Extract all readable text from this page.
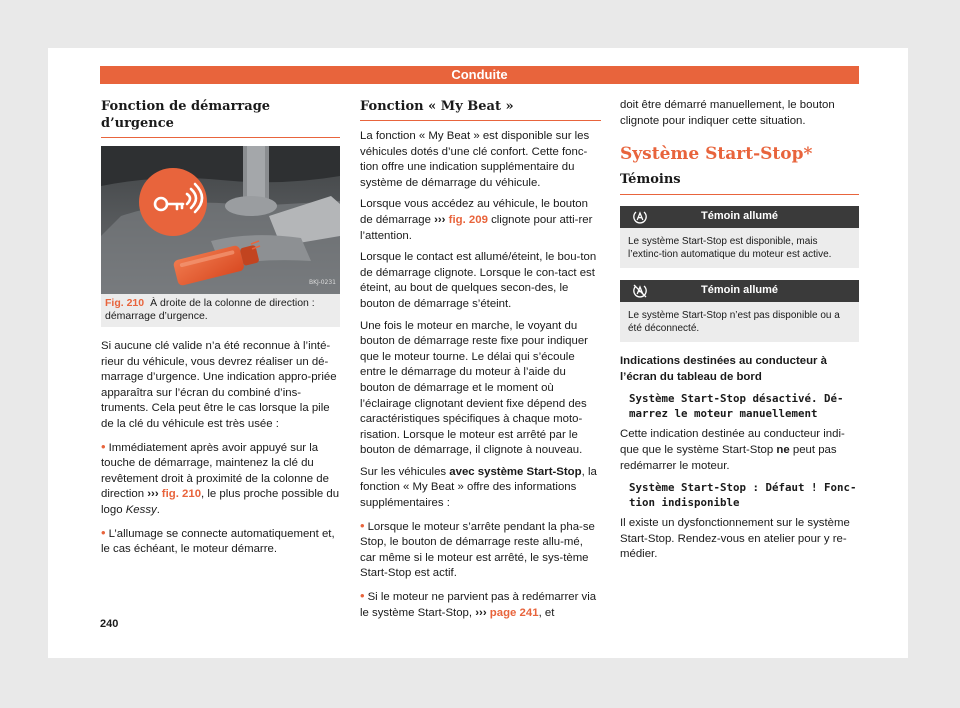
Conduite
Fonction de démarrage d’urgence
BKJ-0231
Fig. 210 À droite de la colonne de direction : démarrage d’urgence.

Si aucune clé valide n’a été reconnue à l’inté-rieur du véhicule, vous devrez réaliser un dé-marrage d’urgence. Une indication appro-priée apparaîtra sur l’écran du combiné d’ins-truments. Cela peut être le cas lorsque la pile de la clé du véhicule est très usée :

• Immédiatement après avoir appuyé sur la touche de démarrage, maintenez la clé du revêtement droit à proximité de la colonne de direction ››› fig. 210, le plus proche possible du logo Kessy.

• L’allumage se connecte automatiquement et, le cas échéant, le moteur démarre.

Fonction « My Beat »

La fonction « My Beat » est disponible sur les véhicules dotés d’une clé confort. Cette fonc-tion offre une indication supplémentaire du système de démarrage du véhicule.

Lorsque vous accédez au véhicule, le bouton de démarrage ››› fig. 209 clignote pour atti-rer l’attention.

Lorsque le contact est allumé/éteint, le bou-ton de démarrage clignote. Lorsque le con-tact est éteint, au bout de quelques secon-des, le bouton de démarrage s’éteint.

Une fois le moteur en marche, le voyant du bouton de démarrage reste fixe pour indiquer que le moteur tourne. Le délai qui s’écoule entre le démarrage du moteur à l’aide du bouton de démarrage et le moment où l’éclairage clignotant devient fixe dépend des caractéristiques spécifiques à chaque moto-risation. Lorsque le moteur est arrêté par le bouton de démarrage, il clignote à nouveau.

Sur les véhicules avec système Start-Stop, la fonction « My Beat » offre des informations supplémentaires :

• Lorsque le moteur s’arrête pendant la pha-se Stop, le bouton de démarrage reste allu-mé, car même si le moteur est arrêté, le sys-tème Start-Stop est actif.

• Si le moteur ne parvient pas à redémarrer via le système Start-Stop, ››› page 241, et

doit être démarré manuellement, le bouton clignote pour indiquer cette situation.

Système Start-Stop*
Témoins
Témoin allumé
Le système Start-Stop est disponible, mais l’extinc-tion automatique du moteur est active.
Témoin allumé
Le système Start-Stop n’est pas disponible ou a été déconnecté.

Indications destinées au conducteur à l’écran du tableau de bord

Système Start-Stop désactivé. Dé-marrez le moteur manuellement

Cette indication destinée au conducteur indi-que que le système Start-Stop ne peut pas redémarrer le moteur.

Système Start-Stop : Défaut ! Fonc-tion indisponible

Il existe un dysfonctionnement sur le système Start-Stop. Rendez-vous en atelier pour y re-médier.

240
